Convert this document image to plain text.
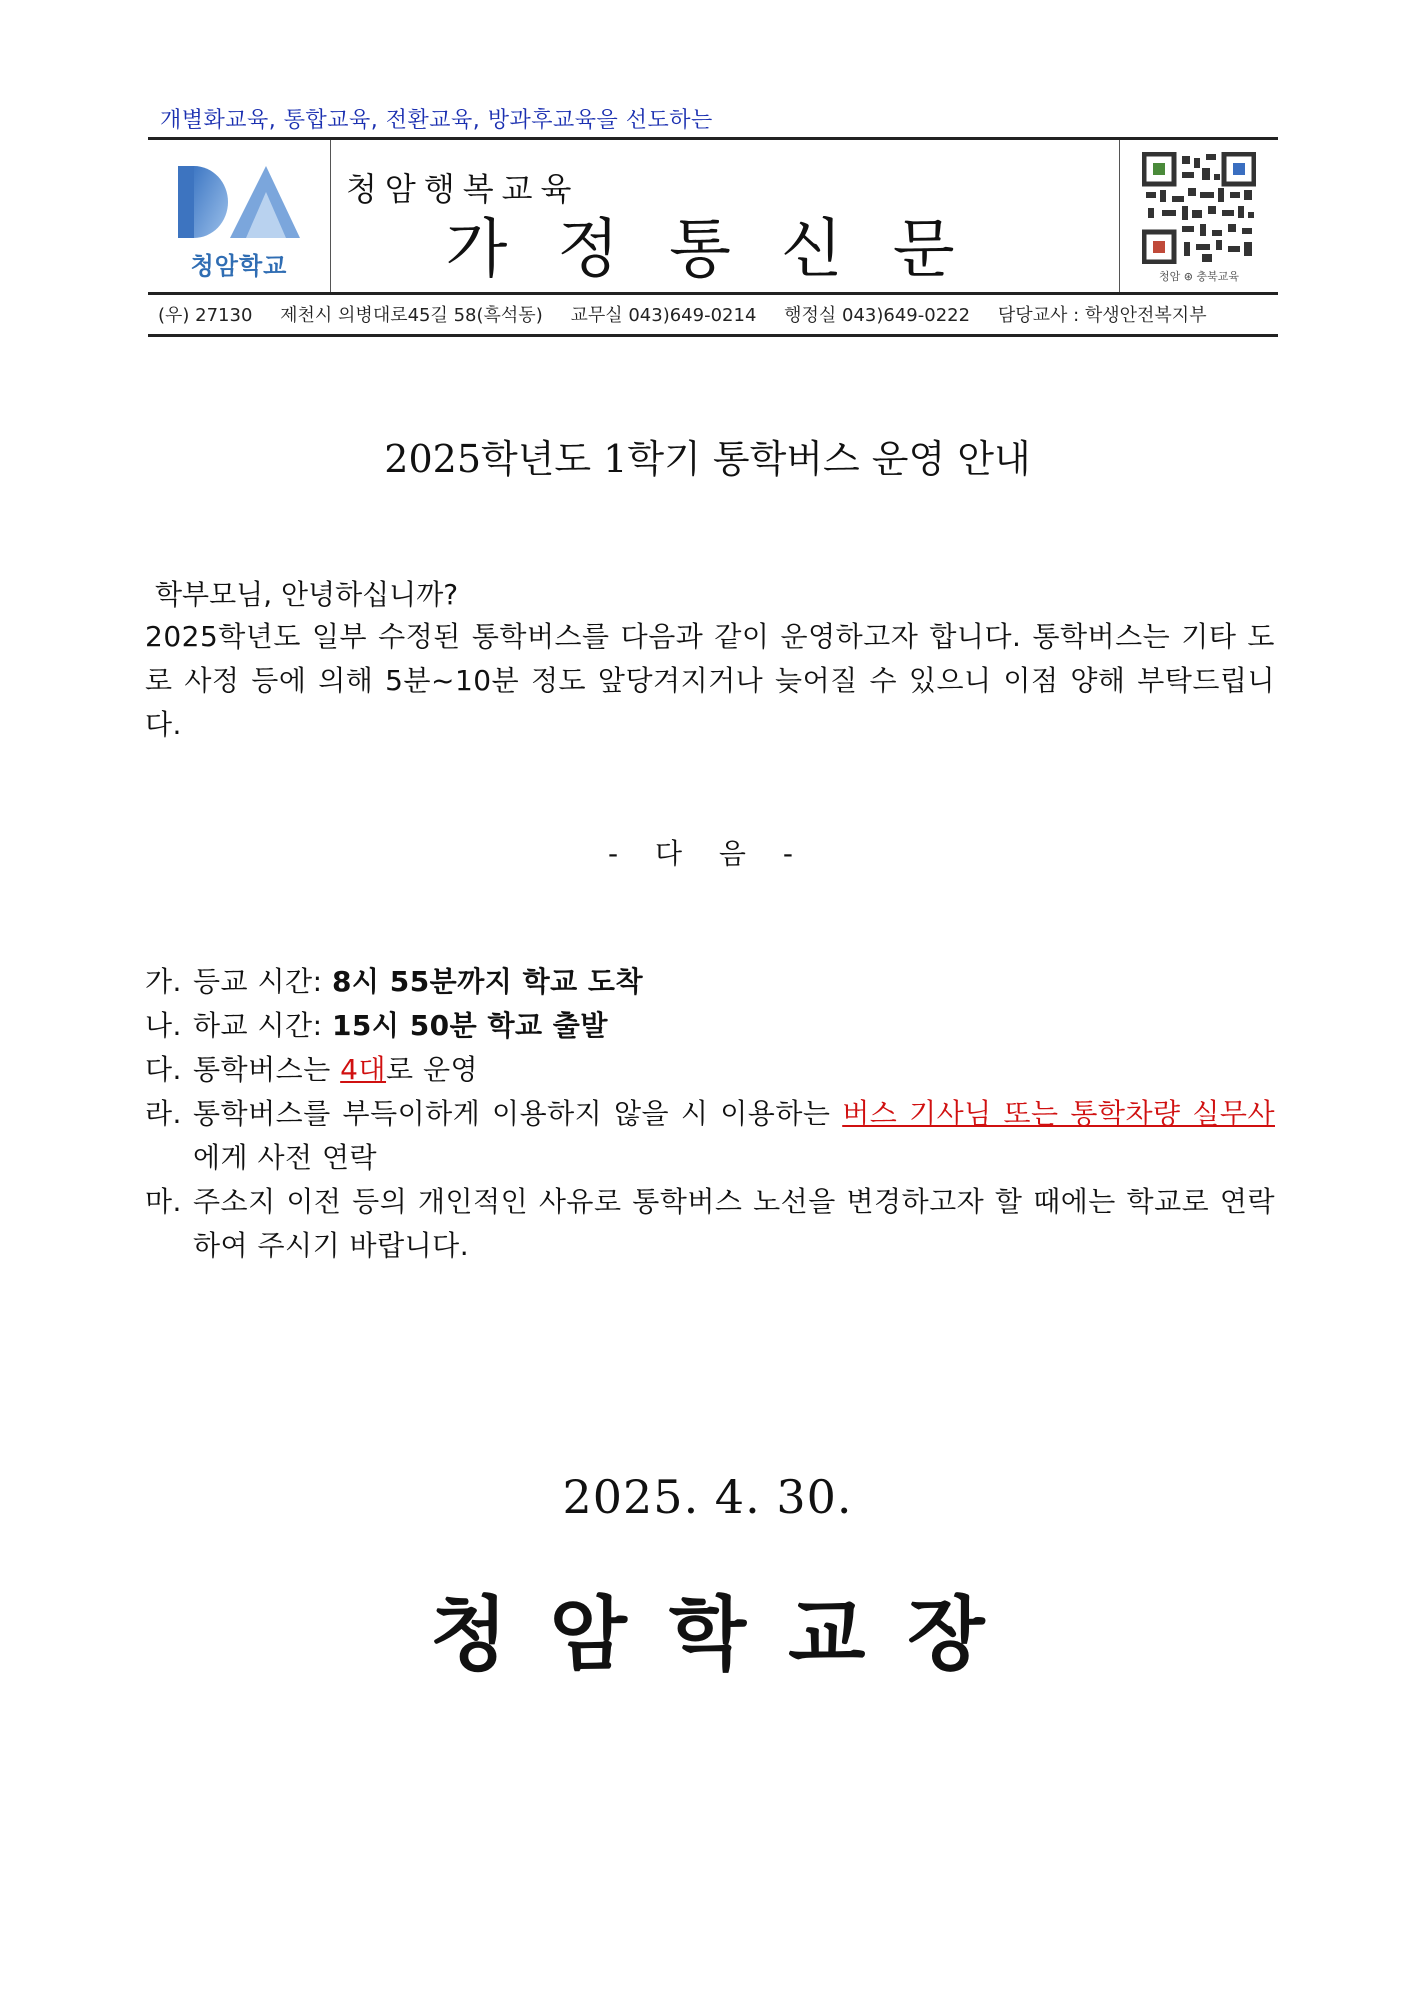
개별화교육, 통합교육, 전환교육, 방과후교육을 선도하는
청암학교
청암행복교육
가정통신문	청암 ⊛ 충북교육
(우) 27130 제천시 의병대로45길 58(흑석동) 교무실 043)649-0214 행정실 043)649-0222 담당교사 : 학생안전복지부
2025학년도 1학기 통학버스 운영 안내
학부모님, 안녕하십니까?
2025학년도 일부 수정된 통학버스를 다음과 같이 운영하고자 합니다. 통학버스는 기타 도로 사정 등에 의해 5분~10분 정도 앞당겨지거나 늦어질 수 있으니 이점 양해 부탁드립니다.
- 다 음 -
가. 등교 시간: 8시 55분까지 학교 도착
나. 하교 시간: 15시 50분 학교 출발
다. 통학버스는 4대로 운영
라. 통학버스를 부득이하게 이용하지 않을 시 이용하는 버스 기사님 또는 통학차량 실무사에게 사전 연락
마. 주소지 이전 등의 개인적인 사유로 통학버스 노선을 변경하고자 할 때에는 학교로 연락하여 주시기 바랍니다.
2025. 4. 30.
청암학교장
